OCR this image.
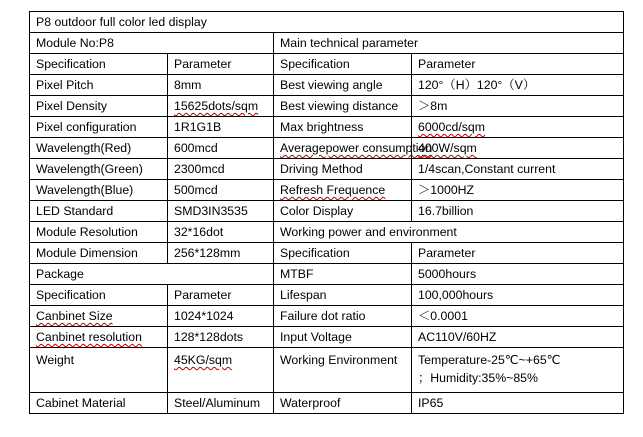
P8 outdoor full color led display			
Module No:P8		Main technical parameter	
Specification	Parameter	Specification	Parameter
Pixel Pitch	8mm	Best viewing angle	120°（H）120°（V）
Pixel Density	15625dots/sqm	Best viewing distance	＞8m
Pixel configuration	1R1G1B	Max brightness	6000cd/sqm
Wavelength(Red)	600mcd	Averagepower consumption	400W/sqm
Wavelength(Green)	2300mcd	Driving Method	1/4scan,Constant current
Wavelength(Blue)	500mcd	Refresh Frequence	＞1000HZ
LED Standard	SMD3IN3535	Color Display	16.7billion
Module Resolution	32*16dot	Working power and environment	
Module Dimension	256*128mm	Specification	Parameter
Package		MTBF	5000hours
Specification	Parameter	Lifespan	100,000hours
Canbinet Size	1024*1024	Failure dot ratio	＜0.0001
Canbinet resolution	128*128dots	Input Voltage	AC110V/60HZ
Weight	45KG/sqm	Working Environment	Temperature-25℃~+65℃
；Humidity:35%~85%

Cabinet Material	Steel/Aluminum	Waterproof	IP65
